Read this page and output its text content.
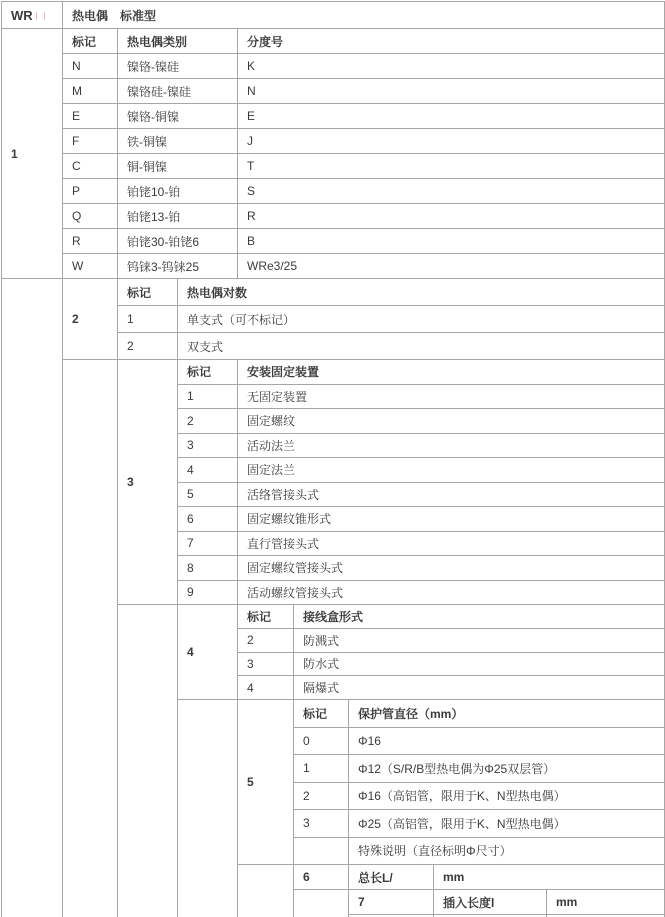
WR	热电偶　标准型							
1	标记	热电偶类别		分度号				
	N	镍铬-镍硅		K				
	M	镍铬硅-镍硅		N				
	E	镍铬-铜镍		E				
	F	铁-铜镍		J				
	C	铜-铜镍		T				
	P	铂铑10-铂		S				
	Q	铂铑13-铂		R				
	R	铂铑30-铂铑6		B				
	W	钨铼3-钨铼25		WRe3/25				
	2	标记	热电偶对数					
		1	单支式（可不标记）					
		2	双支式					
		3	标记	安装固定装置				
			1	无固定装置				
			2	固定螺纹				
			3	活动法兰				
			4	固定法兰				
			5	活络管接头式				
			6	固定螺纹锥形式				
			7	直行管接头式				
			8	固定螺纹管接头式				
			9	活动螺纹管接头式				
			4	标记	接线盒形式			
				2	防溅式			
				3	防水式			
				4	隔爆式			
				5	标记	保护管直径（mm）		
					0	Φ16		
					1	Φ12（S/R/B型热电偶为Φ25双层管）		
					2	Φ16（高铝管，限用于K、N型热电偶）		
					3	Φ25（高铝管，限用于K、N型热电偶）		
						特殊说明（直径标明Φ尺寸）		
					6	总长L/	mm	
						7	插入长度l	mm
